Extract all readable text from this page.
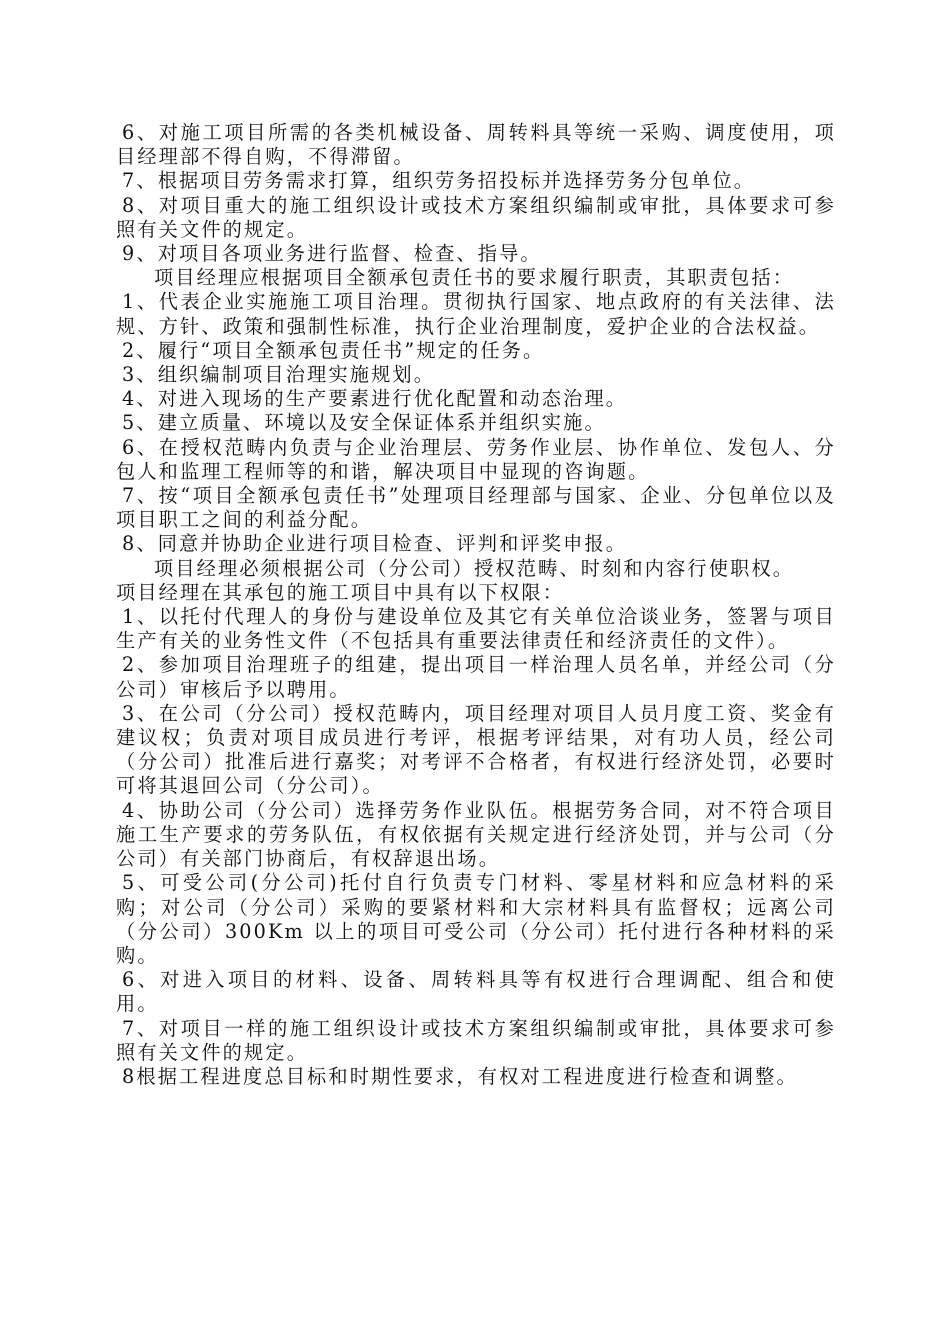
6、对施工项目所需的各类机械设备、周转料具等统一采购、调度使用，项目经理部不得自购，不得滞留。

7、根据项目劳务需求打算，组织劳务招投标并选择劳务分包单位。

8、对项目重大的施工组织设计或技术方案组织编制或审批，具体要求可参照有关文件的规定。

9、对项目各项业务进行监督、检查、指导。

项目经理应根据项目全额承包责任书的要求履行职责，其职责包括：

1、代表企业实施施工项目治理。贯彻执行国家、地点政府的有关法律、法规、方针、政策和强制性标准，执行企业治理制度，爱护企业的合法权益。

2、履行“项目全额承包责任书”规定的任务。

3、组织编制项目治理实施规划。

4、对进入现场的生产要素进行优化配置和动态治理。

5、建立质量、环境以及安全保证体系并组织实施。

6、在授权范畴内负责与企业治理层、劳务作业层、协作单位、发包人、分包人和监理工程师等的和谐，解决项目中显现的咨询题。

7、按“项目全额承包责任书”处理项目经理部与国家、企业、分包单位以及项目职工之间的利益分配。

8、同意并协助企业进行项目检查、评判和评奖申报。

项目经理必须根据公司（分公司）授权范畴、时刻和内容行使职权。

项目经理在其承包的施工项目中具有以下权限：

1、以托付代理人的身份与建设单位及其它有关单位洽谈业务，签署与项目生产有关的业务性文件（不包括具有重要法律责任和经济责任的文件）。

2、参加项目治理班子的组建，提出项目一样治理人员名单，并经公司（分公司）审核后予以聘用。

3、在公司（分公司）授权范畴内，项目经理对项目人员月度工资、奖金有建议权；负责对项目成员进行考评，根据考评结果，对有功人员，经公司（分公司）批准后进行嘉奖；对考评不合格者，有权进行经济处罚，必要时可将其退回公司（分公司）。

4、协助公司（分公司）选择劳务作业队伍。根据劳务合同，对不符合项目施工生产要求的劳务队伍，有权依据有关规定进行经济处罚，并与公司（分公司）有关部门协商后，有权辞退出场。

5、可受公司(分公司)托付自行负责专门材料、零星材料和应急材料的采购；对公司（分公司）采购的要紧材料和大宗材料具有监督权；远离公司（分公司）300Km 以上的项目可受公司（分公司）托付进行各种材料的采购。

6、对进入项目的材料、设备、周转料具等有权进行合理调配、组合和使用。

7、对项目一样的施工组织设计或技术方案组织编制或审批，具体要求可参照有关文件的规定。

8根据工程进度总目标和时期性要求，有权对工程进度进行检查和调整。
